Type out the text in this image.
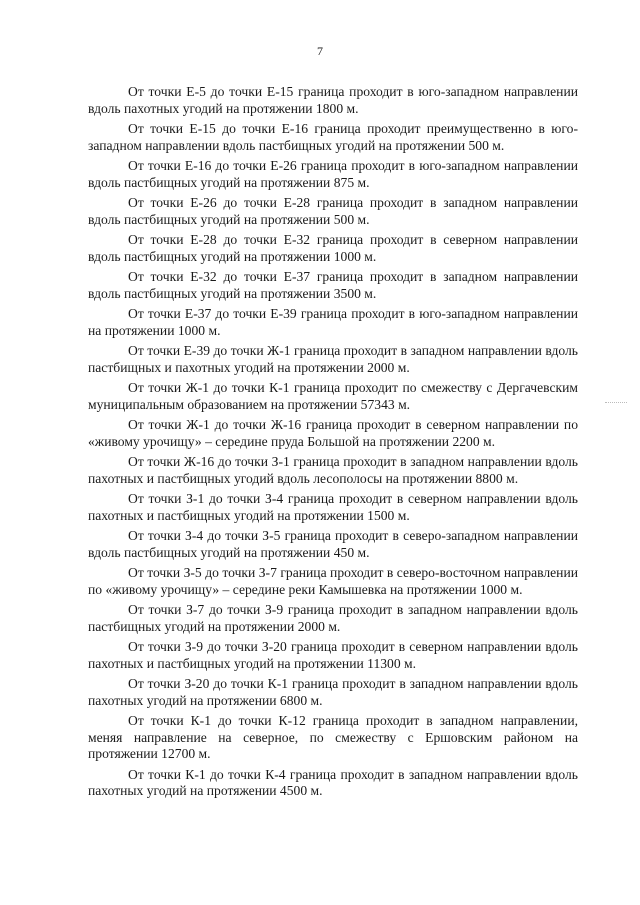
7

От точки Е-5 до точки Е-15 граница проходит в юго-западном направлении вдоль пахотных угодий на протяжении 1800 м.

От точки Е-15 до точки Е-16 граница проходит преимущественно в юго-западном направлении вдоль пастбищных угодий на протяжении 500 м.

От точки Е-16 до точки Е-26 граница проходит в юго-западном направлении вдоль пастбищных угодий на протяжении 875 м.

От точки Е-26 до точки Е-28 граница проходит в западном направлении вдоль пастбищных угодий на протяжении 500 м.

От точки Е-28 до точки Е-32 граница проходит в северном направлении вдоль пастбищных угодий на протяжении 1000 м.

От точки Е-32 до точки Е-37 граница проходит в западном направлении вдоль пастбищных угодий на протяжении 3500 м.

От точки Е-37 до точки Е-39 граница проходит в юго-западном направлении на протяжении 1000 м.

От точки Е-39 до точки Ж-1 граница проходит в западном направлении вдоль пастбищных и пахотных угодий на протяжении 2000 м.

От точки Ж-1 до точки К-1 граница проходит по смежеству с Дергачевским муниципальным образованием на протяжении 57343 м.

От точки Ж-1 до точки Ж-16 граница проходит в северном направлении по «живому урочищу» – середине пруда Большой на протяжении 2200 м.

От точки Ж-16 до точки З-1 граница проходит в западном направлении вдоль пахотных и пастбищных угодий вдоль лесополосы на протяжении 8800 м.

От точки З-1 до точки З-4 граница проходит в северном направлении вдоль пахотных и пастбищных угодий на протяжении 1500 м.

От точки З-4 до точки З-5 граница проходит в северо-западном направлении вдоль пастбищных угодий на протяжении 450 м.

От точки З-5 до точки З-7 граница проходит в северо-восточном направлении по «живому урочищу» – середине реки Камышевка на протяжении 1000 м.

От точки З-7 до точки З-9 граница проходит в западном направлении вдоль пастбищных угодий на протяжении 2000 м.

От точки З-9 до точки З-20 граница проходит в северном направлении вдоль пахотных и пастбищных угодий на протяжении 11300 м.

От точки З-20 до точки К-1 граница проходит в западном направлении вдоль пахотных угодий на протяжении 6800 м.

От точки К-1 до точки К-12 граница проходит в западном направлении, меняя направление на северное, по смежеству с Ершовским районом на протяжении 12700 м.

От точки К-1 до точки К-4 граница проходит в западном направлении вдоль пахотных угодий на протяжении 4500 м.
